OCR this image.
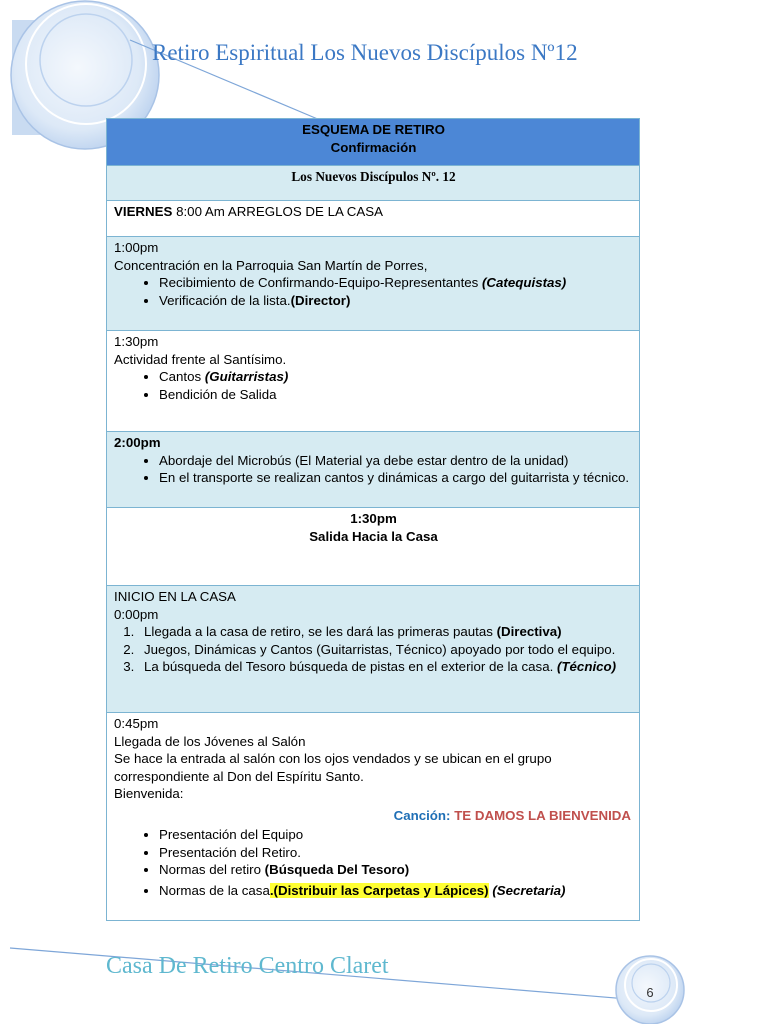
Retiro Espiritual Los Nuevos Discípulos Nº12
ESQUEMA DE RETIRO
Confirmación

Los Nuevos Discípulos Nº. 12
VIERNES 8:00 Am ARREGLOS DE LA CASA

1:00pm
Concentración en la Parroquia San Martín de Porres,
• Recibimiento de Confirmando-Equipo-Representantes (Catequistas)
• Verificación de la lista.(Director)

1:30pm
Actividad frente al Santísimo.
• Cantos (Guitarristas)
• Bendición de Salida

2:00pm
• Abordaje del Microbús (El Material ya debe estar dentro de la unidad)
• En el transporte se realizan cantos y dinámicas a cargo del guitarrista y técnico.

1:30pm
Salida Hacia la Casa

INICIO EN LA CASA
0:00pm
1. Llegada a la casa de retiro, se les dará las primeras pautas (Directiva)
2. Juegos, Dinámicas y Cantos (Guitarristas, Técnico) apoyado por todo el equipo.
3. La búsqueda del Tesoro búsqueda de pistas en el exterior de la casa. (Técnico)

0:45pm
Llegada de los Jóvenes al Salón
Se hace la entrada al salón con los ojos vendados y se ubican en el grupo correspondiente al Don del Espíritu Santo.
Bienvenida:
Canción: TE DAMOS LA BIENVENIDA
• Presentación del Equipo
• Presentación del Retiro.
• Normas del retiro (Búsqueda Del Tesoro)
• Normas de la casa.(Distribuir las Carpetas y Lápices) (Secretaria)
Casa De Retiro Centro Claret
6
